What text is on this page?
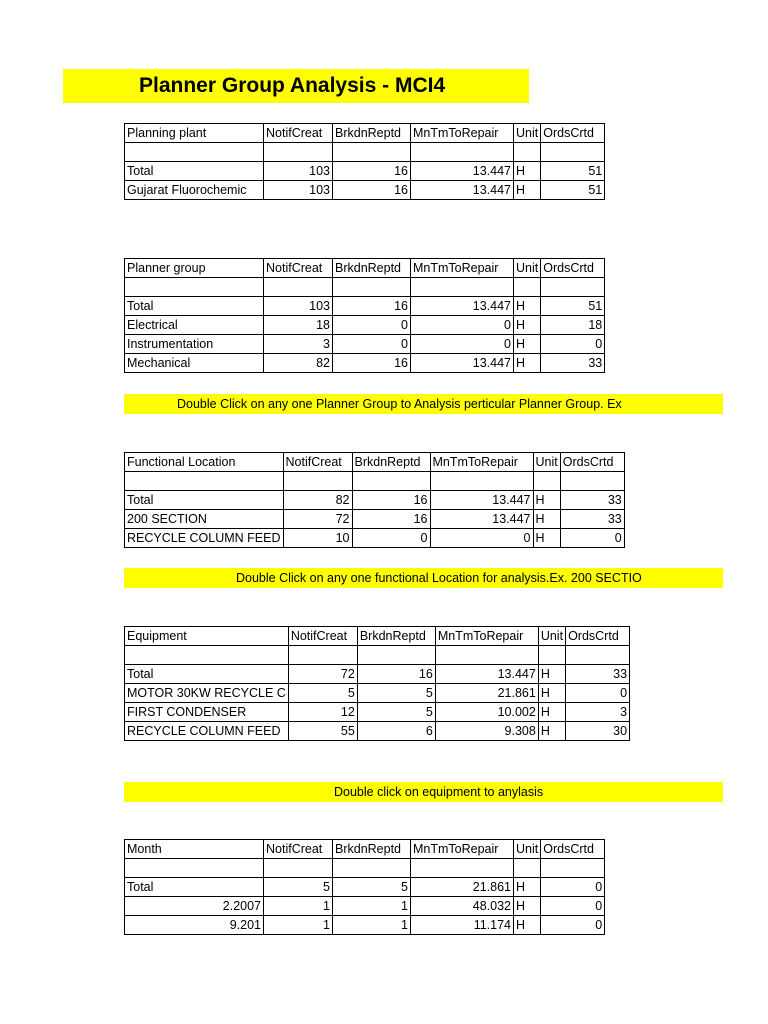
Planner Group Analysis - MCI4
Planning plant	NotifCreat	BrkdnReptd	MnTmToRepair	Unit	OrdsCrtd

Total	103	16	13.447	H	51
Gujarat Fluorochemic	103	16	13.447	H	51
Planner group	NotifCreat	BrkdnReptd	MnTmToRepair	Unit	OrdsCrtd

Total	103	16	13.447	H	51
Electrical	18	0	0	H	18
Instrumentation	3	0	0	H	0
Mechanical	82	16	13.447	H	33
Double Click on any one Planner Group to Analysis perticular Planner Group. Ex
Functional Location	NotifCreat	BrkdnReptd	MnTmToRepair	Unit	OrdsCrtd

Total	82	16	13.447	H	33
200 SECTION	72	16	13.447	H	33
RECYCLE COLUMN FEED	10	0	0	H	0
Double Click on any one functional Location for analysis.Ex. 200 SECTIO
Equipment	NotifCreat	BrkdnReptd	MnTmToRepair	Unit	OrdsCrtd

Total	72	16	13.447	H	33
MOTOR 30KW RECYCLE C	5	5	21.861	H	0
FIRST CONDENSER	12	5	10.002	H	3
RECYCLE COLUMN FEED	55	6	9.308	H	30
Double click on equipment to anylasis
Month	NotifCreat	BrkdnReptd	MnTmToRepair	Unit	OrdsCrtd

Total	5	5	21.861	H	0
2.2007	1	1	48.032	H	0
9.201	1	1	11.174	H	0
